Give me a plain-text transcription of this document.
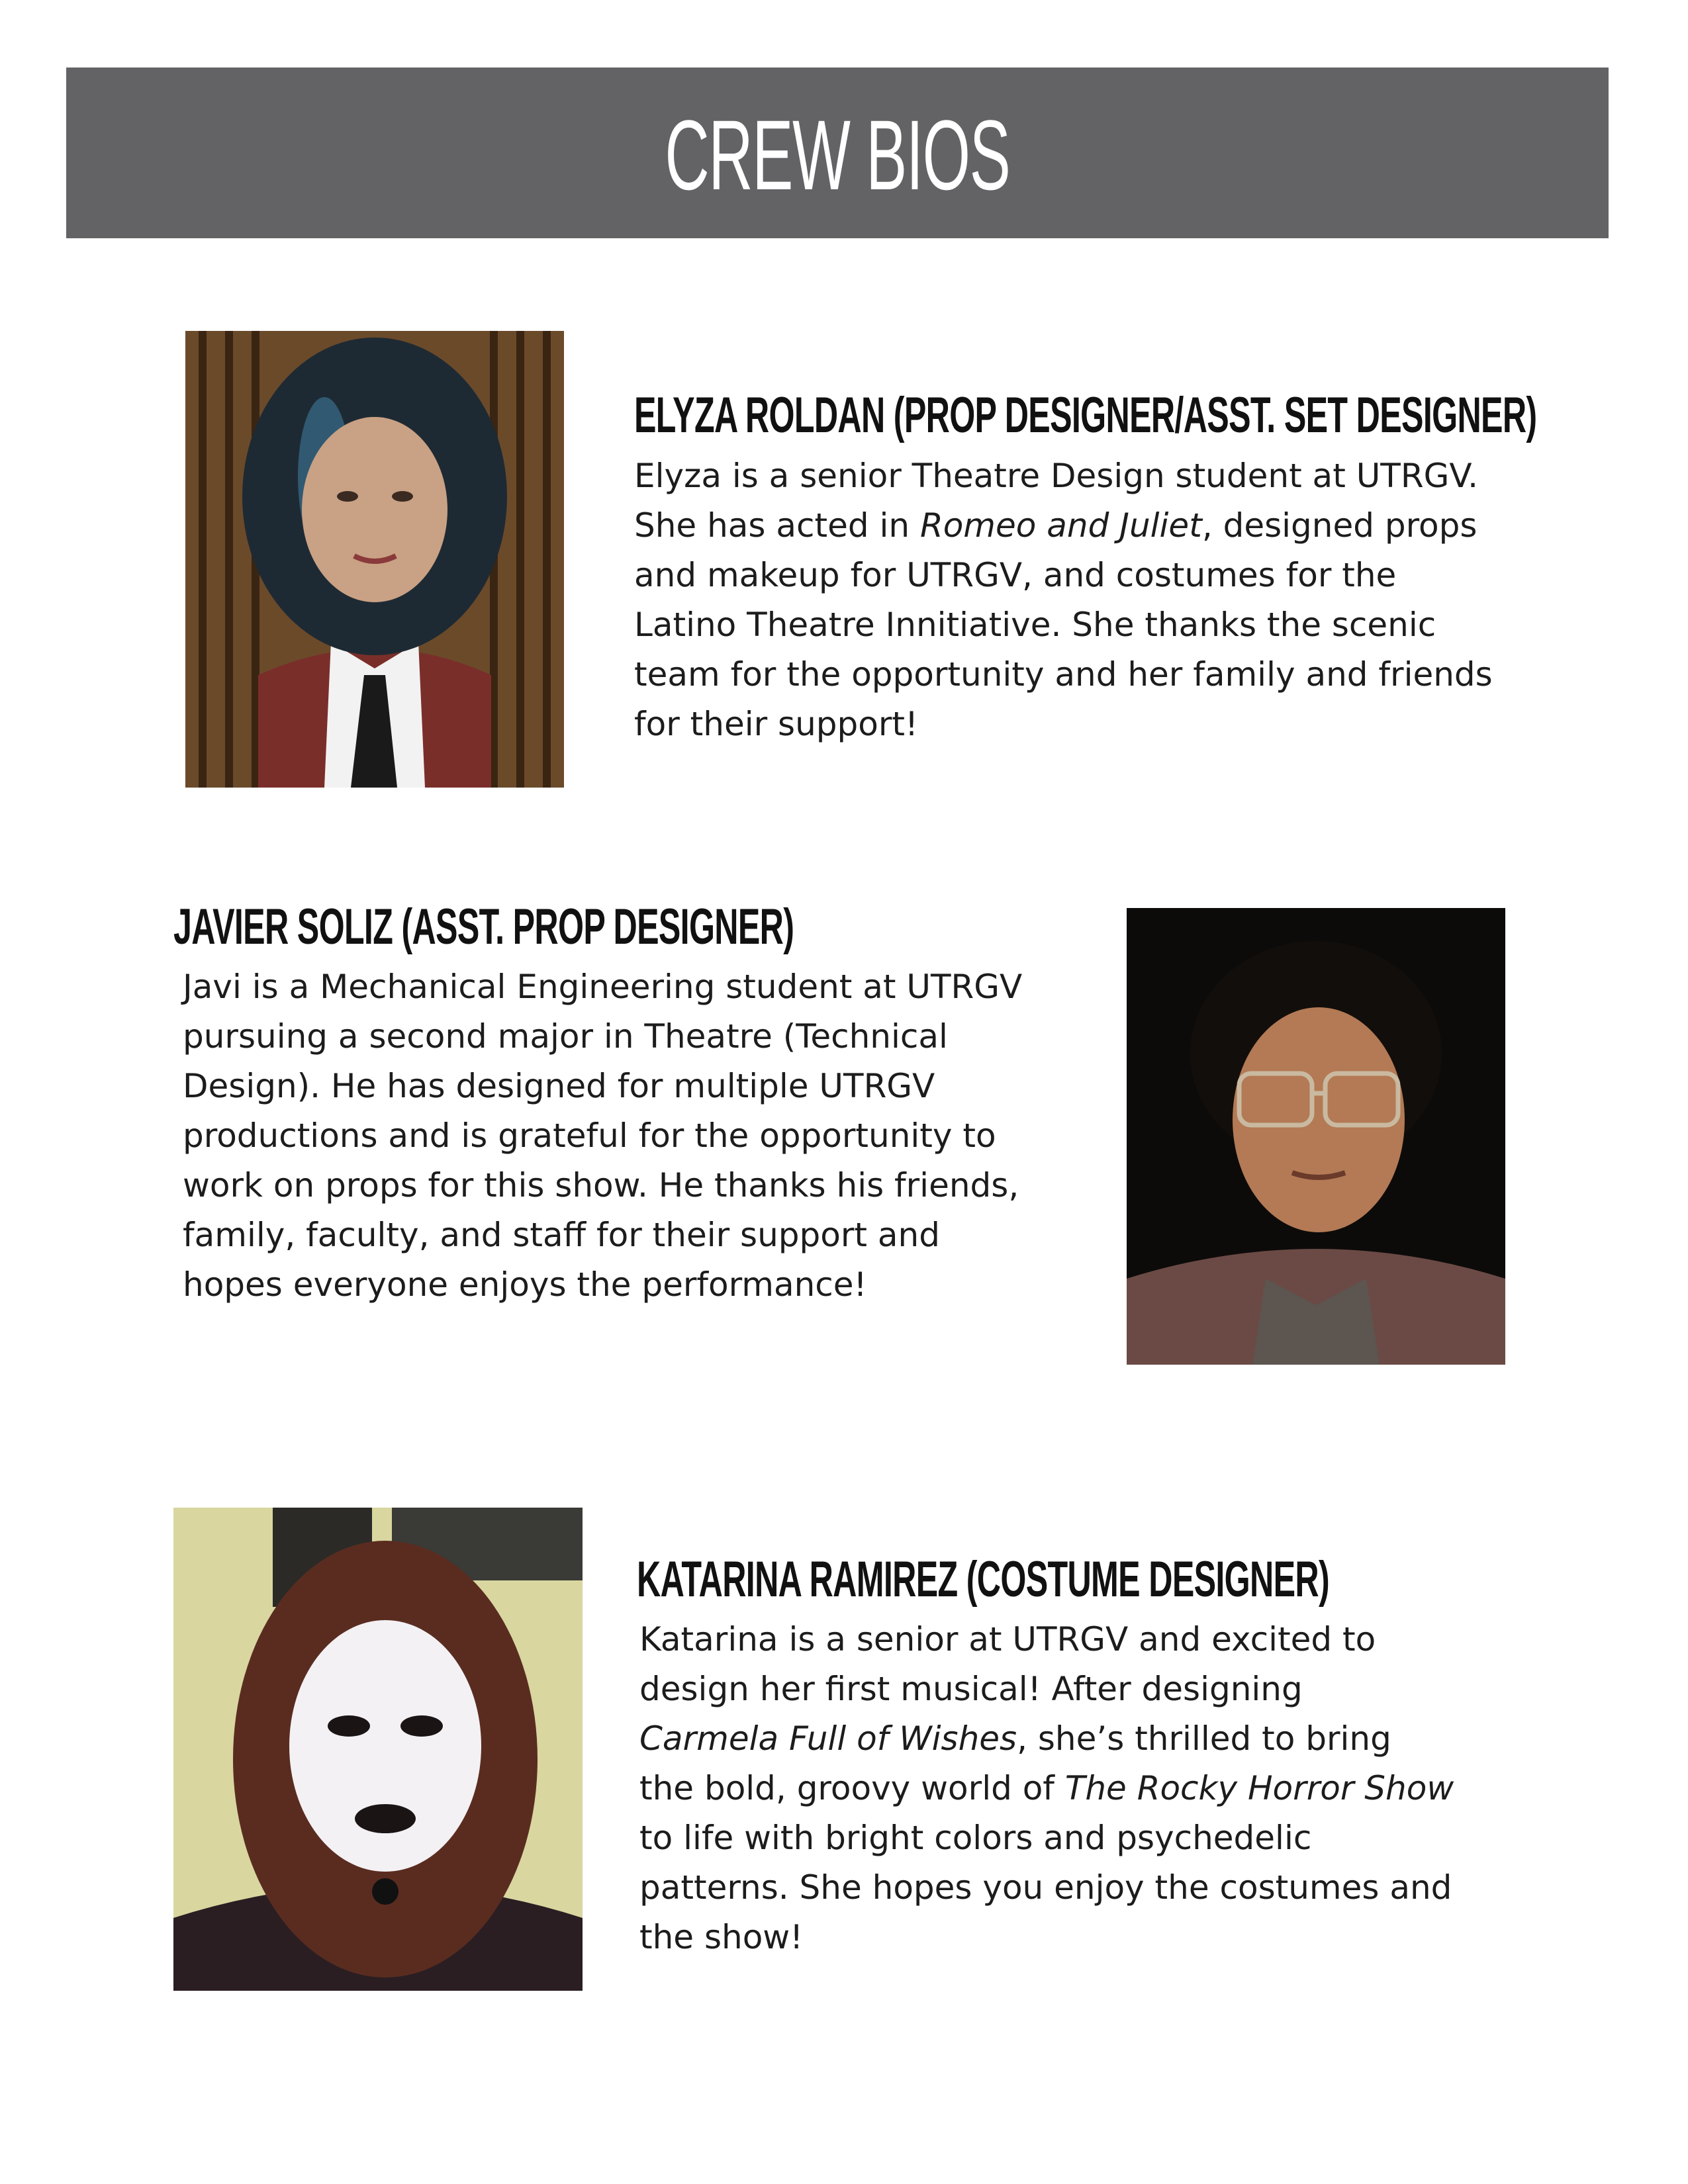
CREW BIOS
ELYZA ROLDAN (PROP DESIGNER/ASST. SET DESIGNER)
Elyza is a senior Theatre Design student at UTRGV.
She has acted in Romeo and Juliet, designed props
and makeup for UTRGV, and costumes for the
Latino Theatre Innitiative. She thanks the scenic
team for the opportunity and her family and friends
for their support!
JAVIER SOLIZ (ASST. PROP DESIGNER)
Javi is a Mechanical Engineering student at UTRGV
pursuing a second major in Theatre (Technical
Design). He has designed for multiple UTRGV
productions and is grateful for the opportunity to
work on props for this show. He thanks his friends,
family, faculty, and staff for their support and
hopes everyone enjoys the performance!
KATARINA RAMIREZ (COSTUME DESIGNER)
Katarina is a senior at UTRGV and excited to
design her first musical! After designing
Carmela Full of Wishes, she’s thrilled to bring
the bold, groovy world of The Rocky Horror Show
to life with bright colors and psychedelic
patterns. She hopes you enjoy the costumes and
the show!
